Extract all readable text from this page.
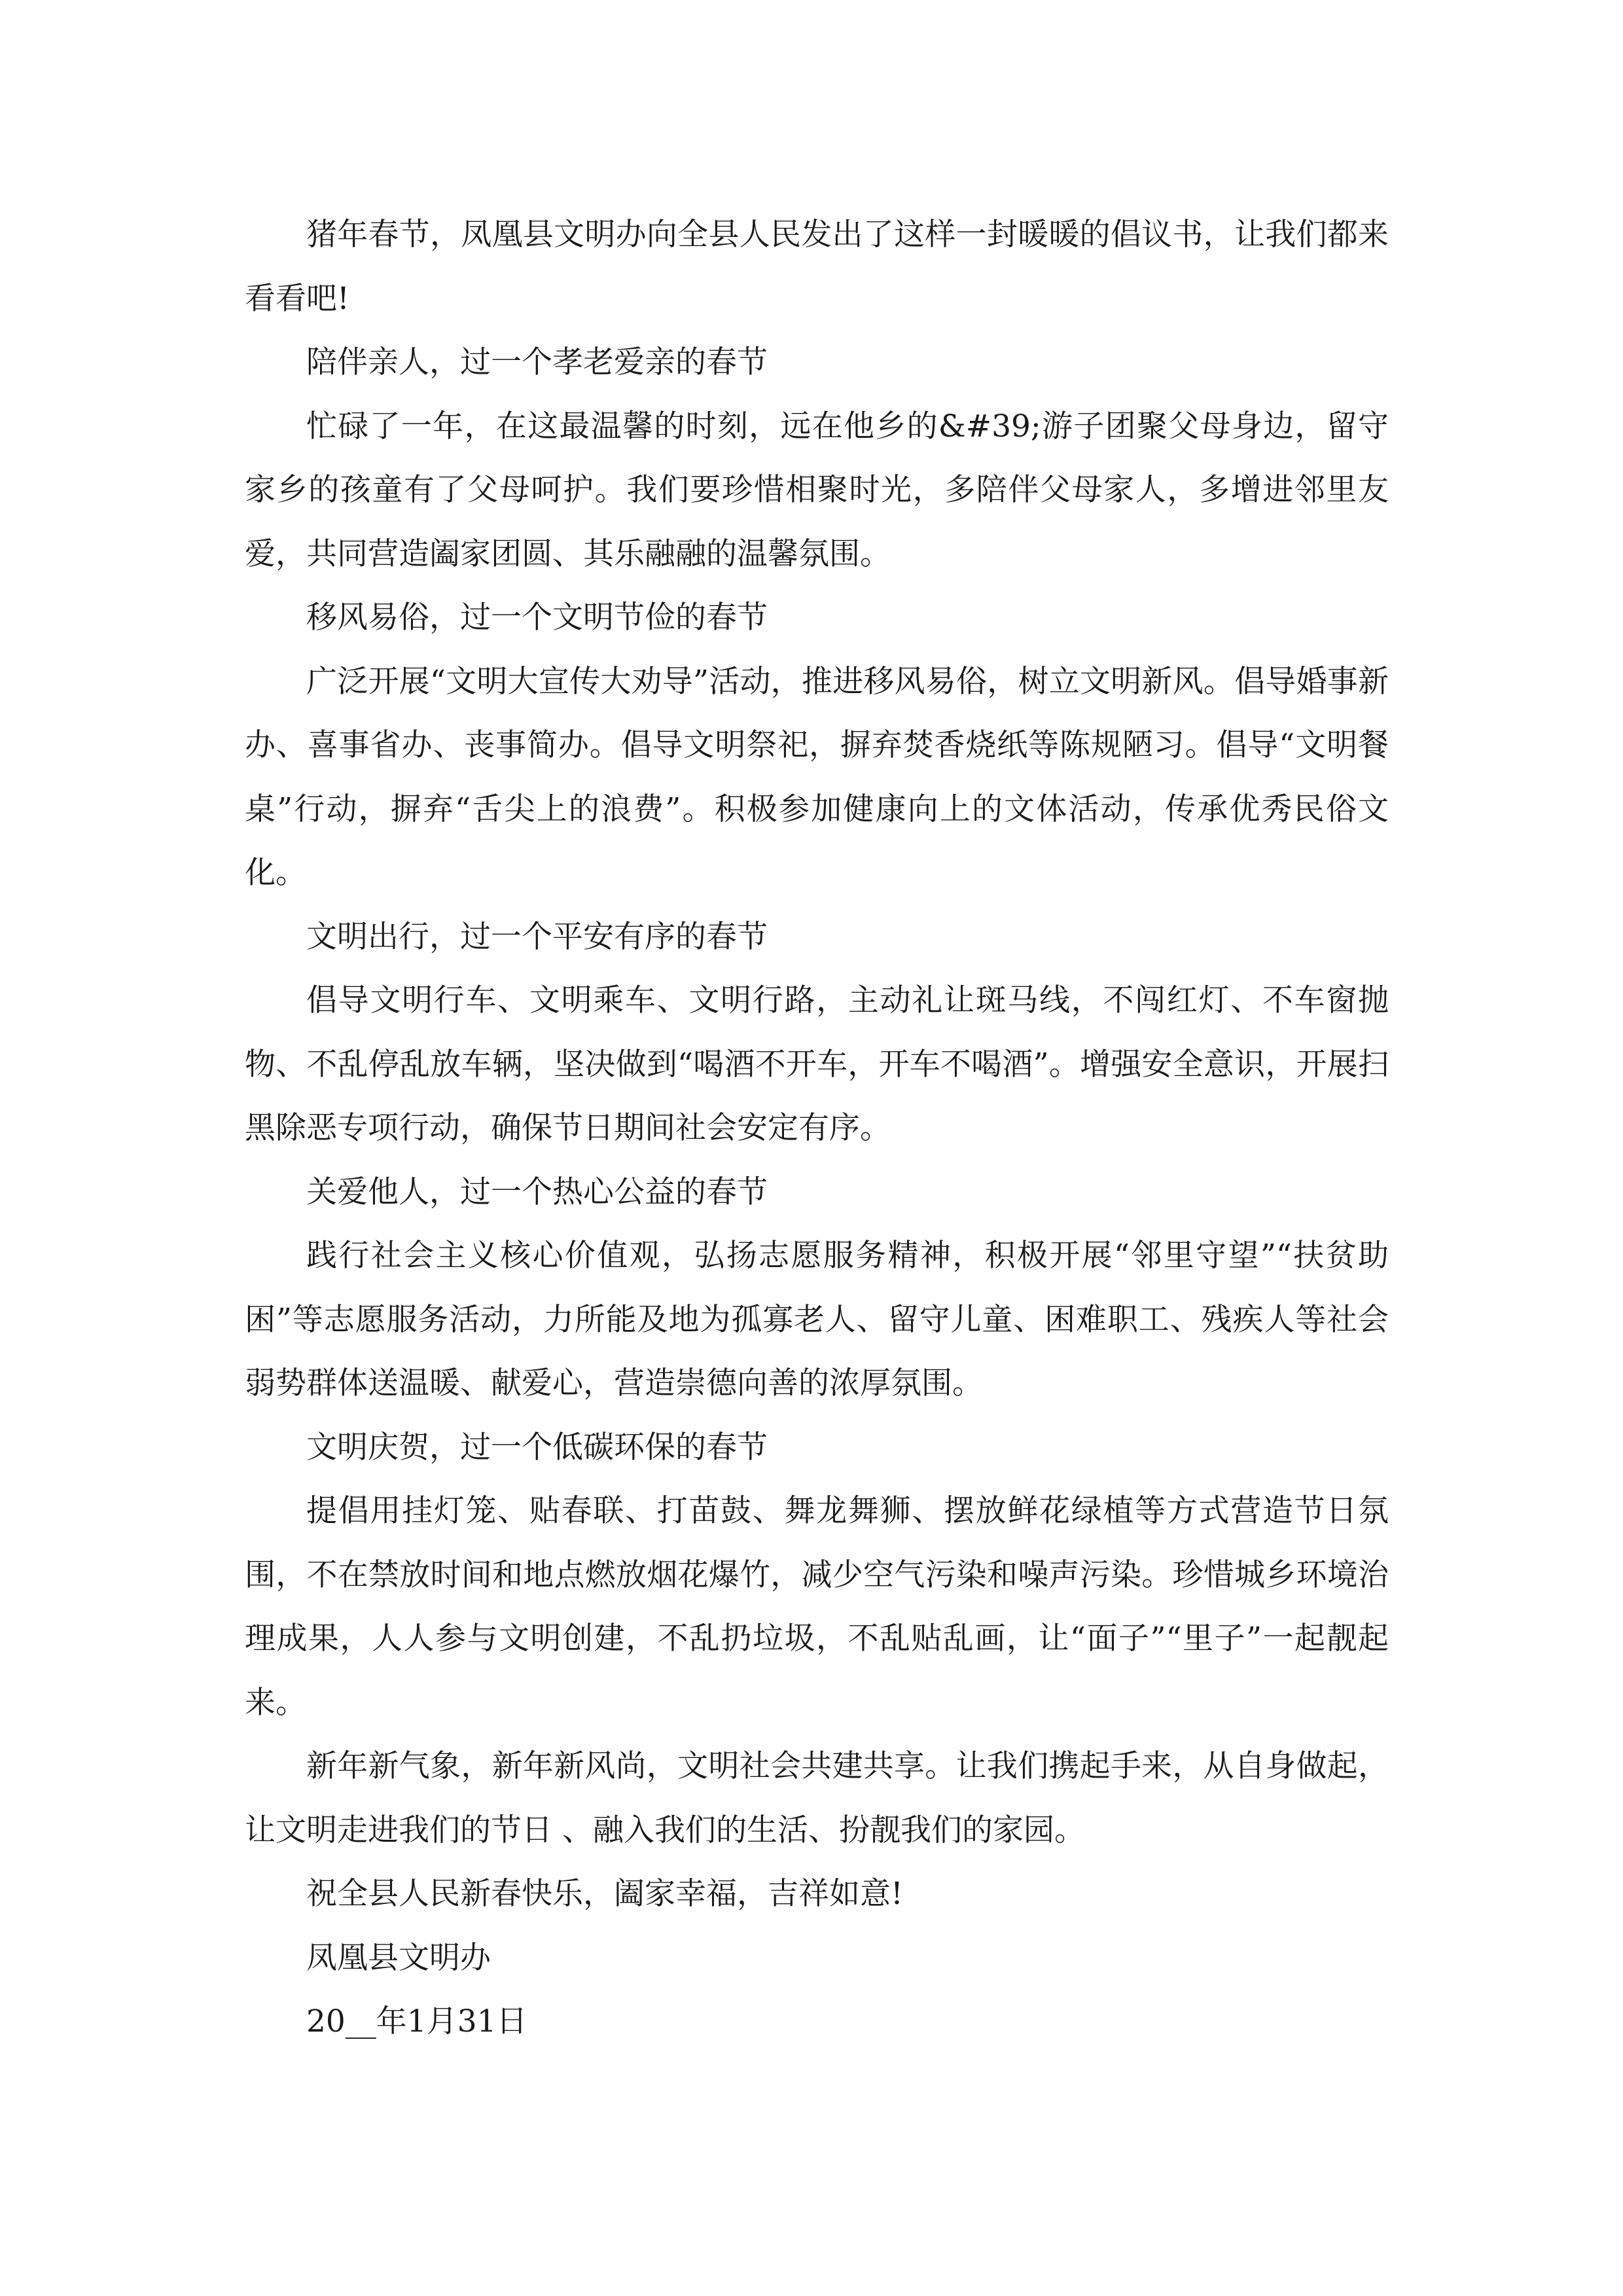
猪年春节，凤凰县文明办向全县人民发出了这样一封暖暖的倡议书，让我们都来看看吧!

陪伴亲人，过一个孝老爱亲的春节

忙碌了一年，在这最温馨的时刻，远在他乡的&#39;游子团聚父母身边，留守家乡的孩童有了父母呵护。我们要珍惜相聚时光，多陪伴父母家人，多增进邻里友爱，共同营造阖家团圆、其乐融融的温馨氛围。

移风易俗，过一个文明节俭的春节

广泛开展“文明大宣传大劝导”活动，推进移风易俗，树立文明新风。倡导婚事新办、喜事省办、丧事简办。倡导文明祭祀，摒弃焚香烧纸等陈规陋习。倡导“文明餐桌”行动，摒弃“舌尖上的浪费”。积极参加健康向上的文体活动，传承优秀民俗文化。

文明出行，过一个平安有序的春节

倡导文明行车、文明乘车、文明行路，主动礼让斑马线，不闯红灯、不车窗抛物、不乱停乱放车辆，坚决做到“喝酒不开车，开车不喝酒”。增强安全意识，开展扫黑除恶专项行动，确保节日期间社会安定有序。

关爱他人，过一个热心公益的春节

践行社会主义核心价值观，弘扬志愿服务精神，积极开展“邻里守望”“扶贫助困”等志愿服务活动，力所能及地为孤寡老人、留守儿童、困难职工、残疾人等社会弱势群体送温暖、献爱心，营造崇德向善的浓厚氛围。

文明庆贺，过一个低碳环保的春节

提倡用挂灯笼、贴春联、打苗鼓、舞龙舞狮、摆放鲜花绿植等方式营造节日氛围，不在禁放时间和地点燃放烟花爆竹，减少空气污染和噪声污染。珍惜城乡环境治理成果，人人参与文明创建，不乱扔垃圾，不乱贴乱画，让“面子”“里子”一起靓起来。

新年新气象，新年新风尚，文明社会共建共享。让我们携起手来，从自身做起，让文明走进我们的节日 、融入我们的生活、扮靓我们的家园。

祝全县人民新春快乐，阖家幸福，吉祥如意!

凤凰县文明办

20__年1月31日
